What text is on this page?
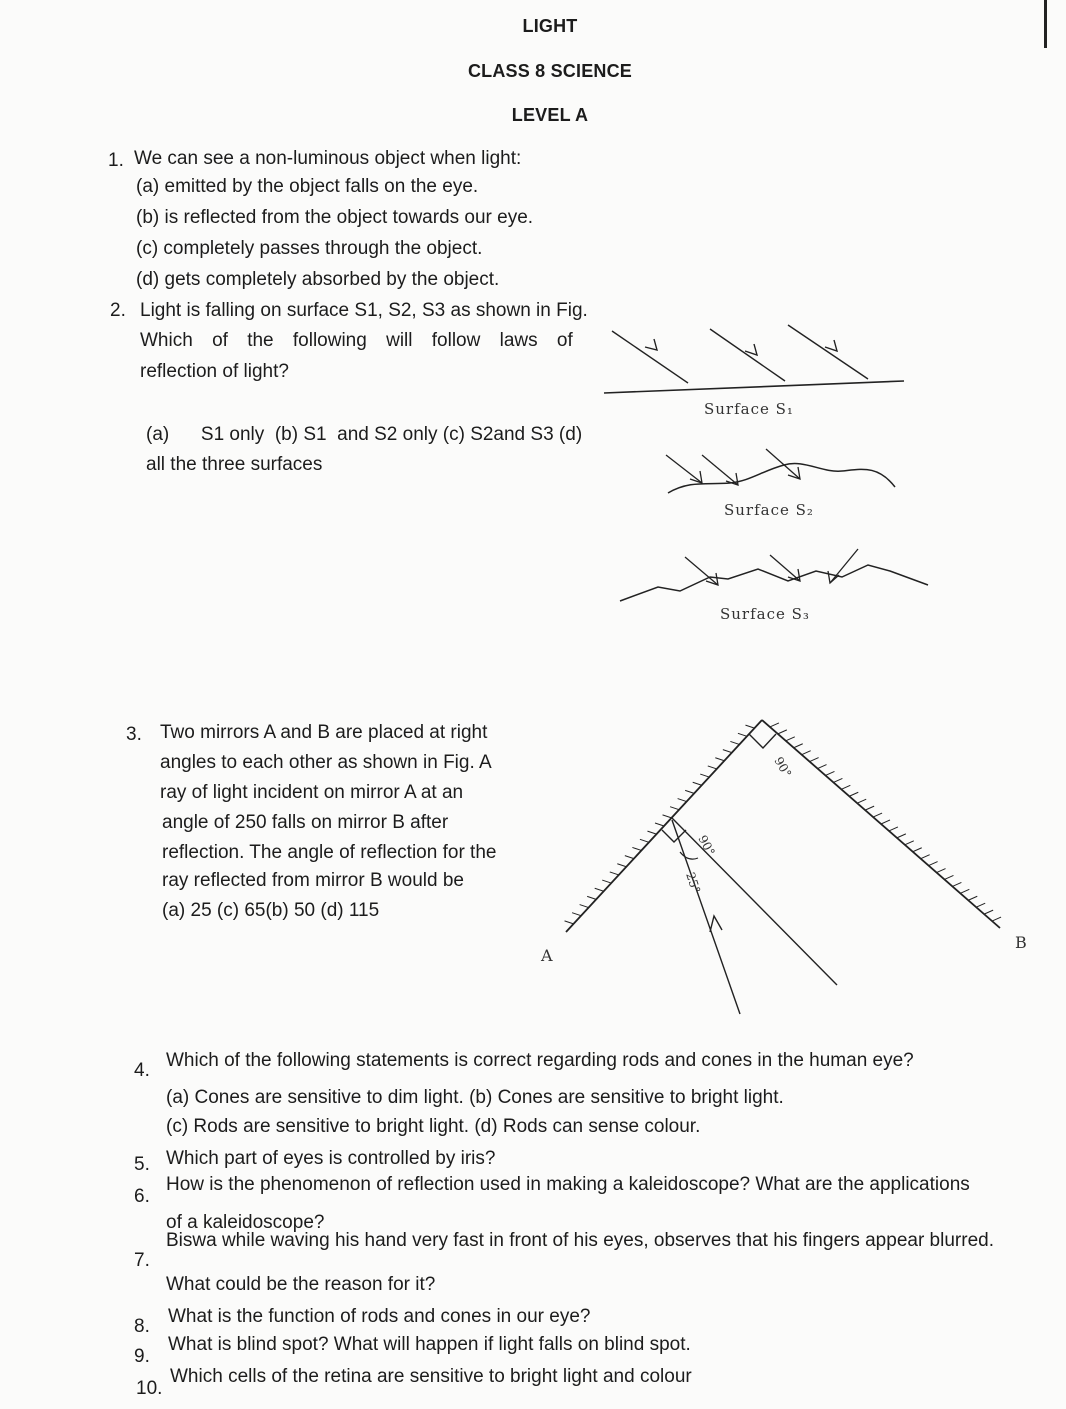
LIGHT
CLASS 8 SCIENCE
LEVEL A
1. We can see a non-luminous object when light:
(a) emitted by the object falls on the eye.
(b) is reflected from the object towards our eye.
(c) completely passes through the object.
(d) gets completely absorbed by the object.
2. Light is falling on surface S1, S2, S3 as shown in Fig.
Which of the following will follow laws of
reflection of light?
(a)      S1 only  (b) S1  and S2 only (c) S2and S3 (d)
all the three surfaces
Surface S₁
Surface S₂
Surface S₃
3. Two mirrors A and B are placed at right
angles to each other as shown in Fig. A
ray of light incident on mirror A at an
angle of 250 falls on mirror B after
reflection. The angle of reflection for the
ray reflected from mirror B would be
(a) 25 (c) 65(b) 50 (d) 115
90°
90°
25°
A
B
4. Which of the following statements is correct regarding rods and cones in the human eye?
(a) Cones are sensitive to dim light. (b) Cones are sensitive to bright light.
(c) Rods are sensitive to bright light. (d) Rods can sense colour.
5. Which part of eyes is controlled by iris?
6.
How is the phenomenon of reflection used in making a kaleidoscope? What are the applications
of a kaleidoscope?
7.
Biswa while waving his hand very fast in front of his eyes, observes that his fingers appear blurred.
What could be the reason for it?
8. What is the function of rods and cones in our eye?
9.
What is blind spot? What will happen if light falls on blind spot.
10.
Which cells of the retina are sensitive to bright light and colour
